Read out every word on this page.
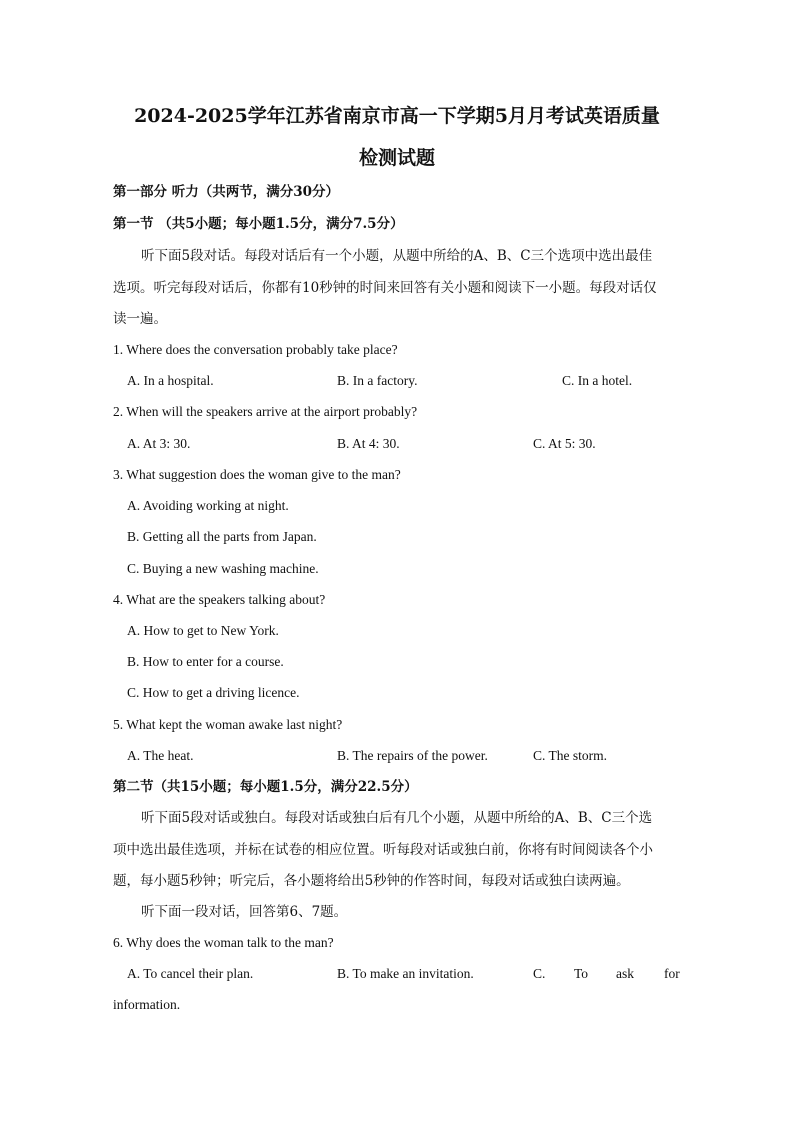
2024-2025学年江苏省南京市高一下学期5月月考试英语质量
检测试题
第一部分 听力（共两节，满分30分）
第一节 （共5小题；每小题1.5分，满分7.5分）
听下面5段对话。每段对话后有一个小题，从题中所给的A、B、C三个选项中选出最佳
选项。听完每段对话后，你都有10秒钟的时间来回答有关小题和阅读下一小题。每段对话仅
读一遍。
1. Where does the conversation probably take place?
A. In a hospital.	B. In a factory.	C. In a hotel.
2. When will the speakers arrive at the airport probably?
A. At 3: 30.	B. At 4: 30.	C. At 5: 30.
3. What suggestion does the woman give to the man?
A. Avoiding working at night.
B. Getting all the parts from Japan.
C. Buying a new washing machine.
4. What are the speakers talking about?
A. How to get to New York.
B. How to enter for a course.
C. How to get a driving licence.
5. What kept the woman awake last night?
A. The heat.	B. The repairs of the power.	C. The storm.
第二节（共15小题；每小题1.5分，满分22.5分）
听下面5段对话或独白。每段对话或独白后有几个小题，从题中所给的A、B、C三个选
项中选出最佳选项，并标在试卷的相应位置。听每段对话或独白前，你将有时间阅读各个小
题，每小题5秒钟；听完后，各小题将给出5秒钟的作答时间，每段对话或独白读两遍。
听下面一段对话，回答第6、7题。
6. Why does the woman talk to the man?
A. To cancel their plan.	B. To make an invitation.	C. To ask for
information.
